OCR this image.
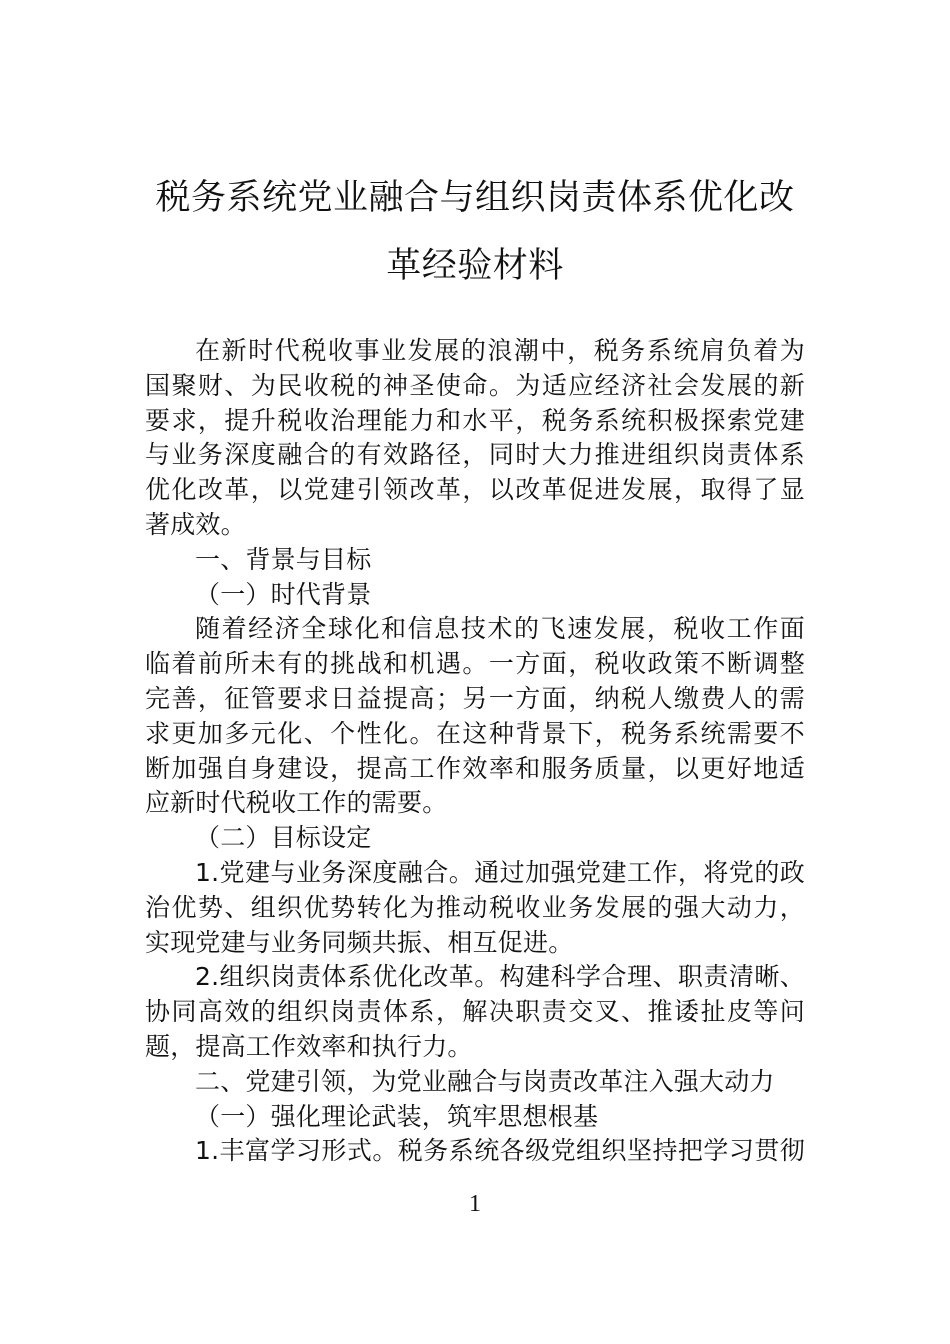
税务系统党业融合与组织岗责体系优化改
革经验材料
在新时代税收事业发展的浪潮中，税务系统肩负着为
国聚财、为民收税的神圣使命。为适应经济社会发展的新
要求，提升税收治理能力和水平，税务系统积极探索党建
与业务深度融合的有效路径，同时大力推进组织岗责体系
优化改革，以党建引领改革，以改革促进发展，取得了显
著成效。
一、背景与目标
（一）时代背景
随着经济全球化和信息技术的飞速发展，税收工作面
临着前所未有的挑战和机遇。一方面，税收政策不断调整
完善，征管要求日益提高；另一方面，纳税人缴费人的需
求更加多元化、个性化。在这种背景下，税务系统需要不
断加强自身建设，提高工作效率和服务质量，以更好地适
应新时代税收工作的需要。
（二）目标设定
1.党建与业务深度融合。通过加强党建工作，将党的政
治优势、组织优势转化为推动税收业务发展的强大动力，
实现党建与业务同频共振、相互促进。
2.组织岗责体系优化改革。构建科学合理、职责清晰、
协同高效的组织岗责体系，解决职责交叉、推诿扯皮等问
题，提高工作效率和执行力。
二、党建引领，为党业融合与岗责改革注入强大动力
（一）强化理论武装，筑牢思想根基
1.丰富学习形式。税务系统各级党组织坚持把学习贯彻
1
